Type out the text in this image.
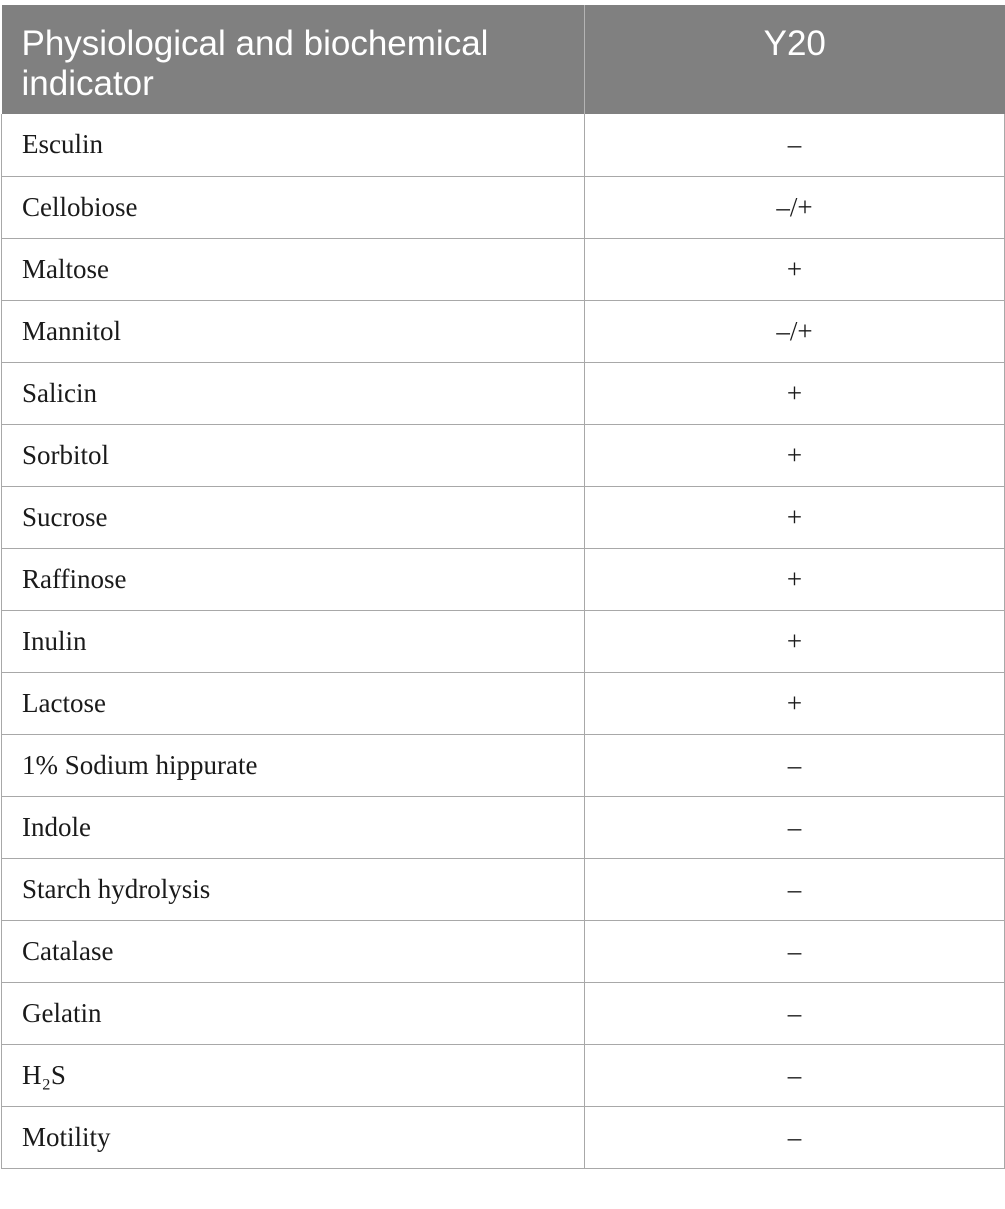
Physiological and biochemical indicator	Y20
Esculin	–
Cellobiose	–/+
Maltose	+
Mannitol	–/+
Salicin	+
Sorbitol	+
Sucrose	+
Raffinose	+
Inulin	+
Lactose	+
1% Sodium hippurate	–
Indole	–
Starch hydrolysis	–
Catalase	–
Gelatin	–
H₂S	–
Motility	–
